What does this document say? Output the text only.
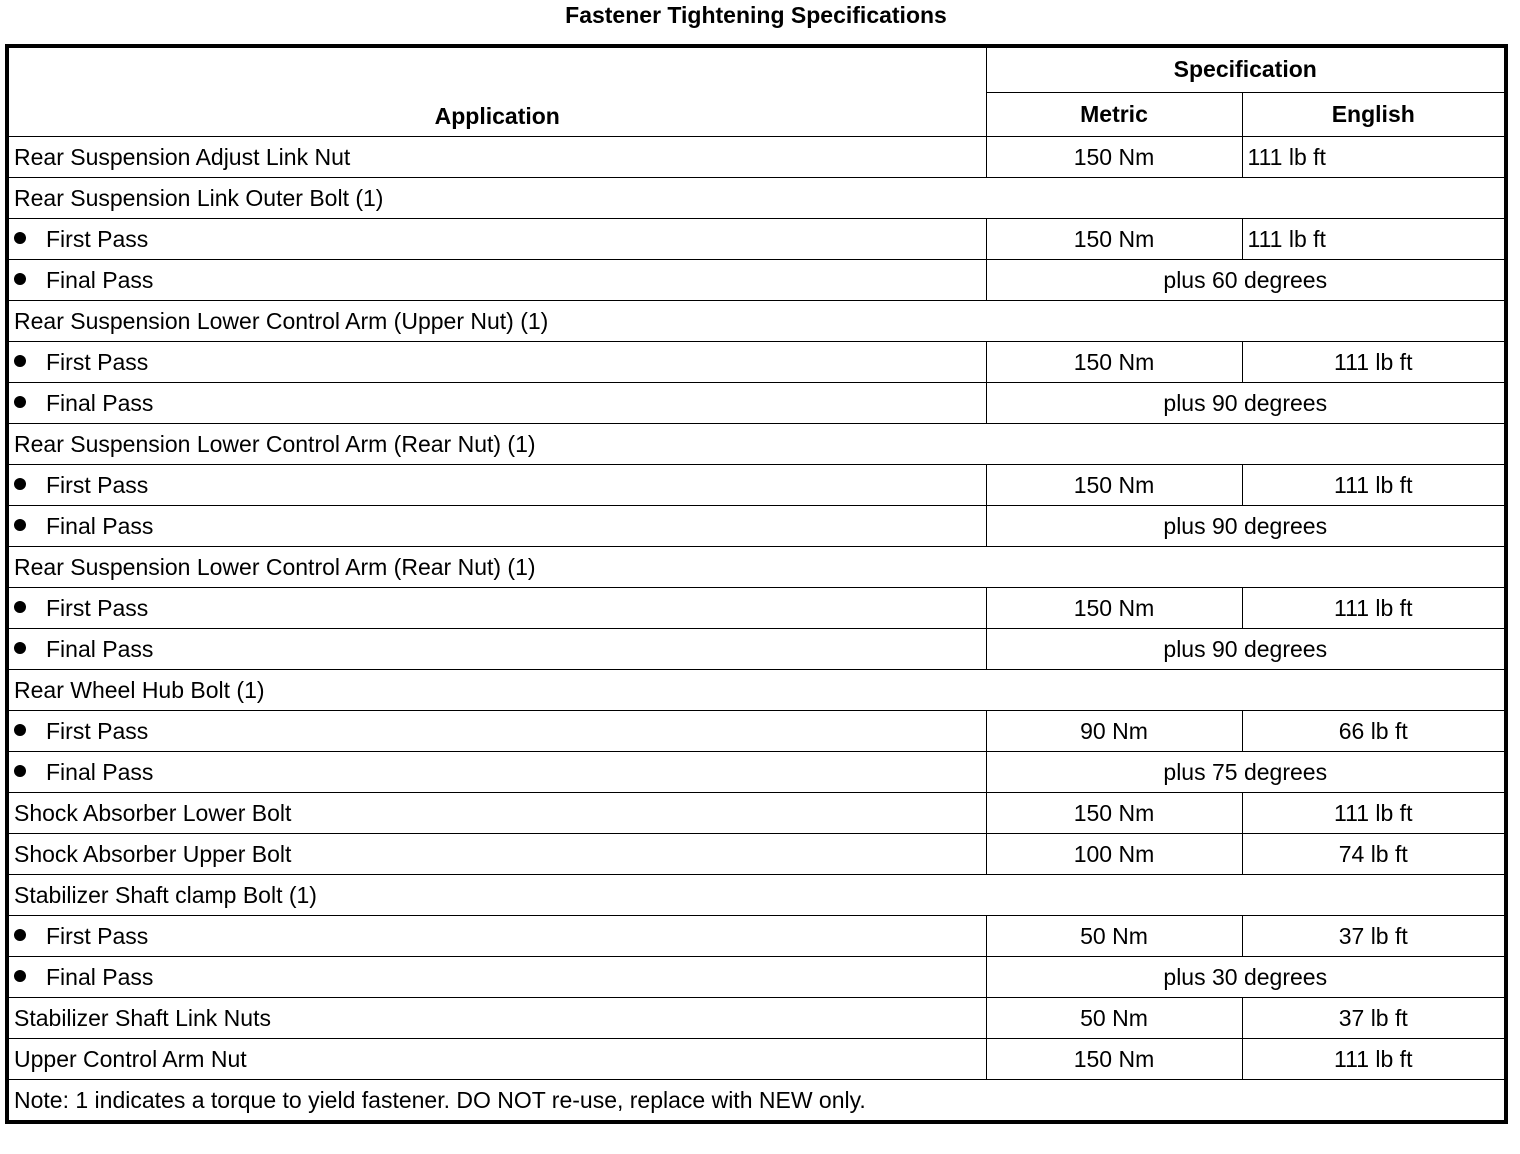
Fastener Tightening Specifications
Application	Specification	
	Metric	English
Rear Suspension Adjust Link Nut	150 Nm	111 lb ft
Rear Suspension Link Outer Bolt (1)		
First Pass	150 Nm	111 lb ft
Final Pass	plus 60 degrees	
Rear Suspension Lower Control Arm (Upper Nut) (1)		
First Pass	150 Nm	111 lb ft
Final Pass	plus 90 degrees	
Rear Suspension Lower Control Arm (Rear Nut) (1)		
First Pass	150 Nm	111 lb ft
Final Pass	plus 90 degrees	
Rear Suspension Lower Control Arm (Rear Nut) (1)		
First Pass	150 Nm	111 lb ft
Final Pass	plus 90 degrees	
Rear Wheel Hub Bolt (1)		
First Pass	90 Nm	66 lb ft
Final Pass	plus 75 degrees	
Shock Absorber Lower Bolt	150 Nm	111 lb ft
Shock Absorber Upper Bolt	100 Nm	74 lb ft
Stabilizer Shaft clamp Bolt (1)		
First Pass	50 Nm	37 lb ft
Final Pass	plus 30 degrees	
Stabilizer Shaft Link Nuts	50 Nm	37 lb ft
Upper Control Arm Nut	150 Nm	111 lb ft
Note: 1 indicates a torque to yield fastener. DO NOT re-use, replace with NEW only.		
